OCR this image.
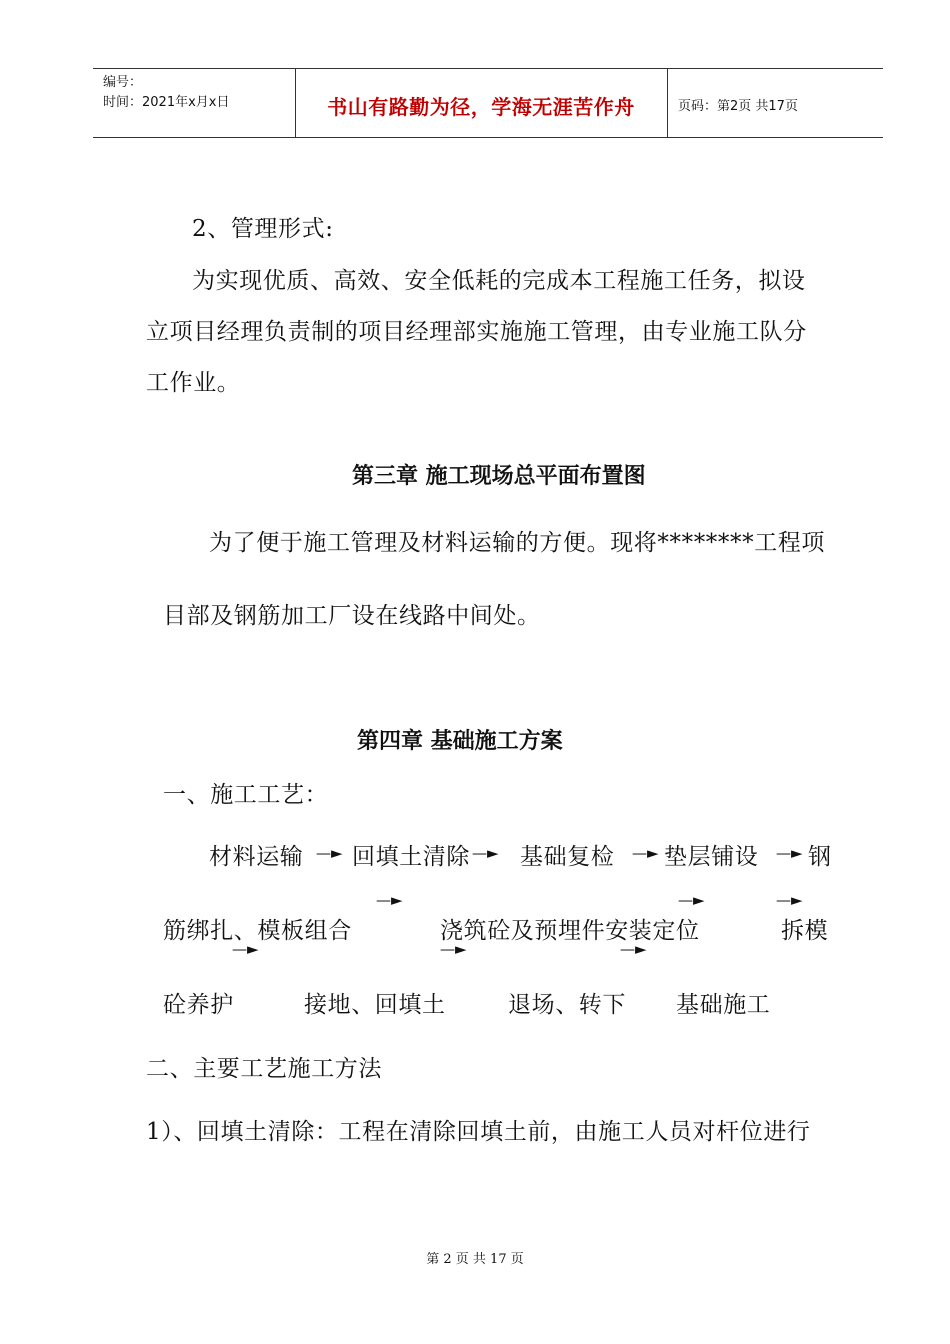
编号：
时间：2021年x月x日	书山有路勤为径，学海无涯苦作舟	页码：第2页 共17页
2、管理形式:
为实现优质、高效、安全低耗的完成本工程施工任务，拟设
立项目经理负责制的项目经理部实施施工管理，由专业施工队分
工作业。
第三章 施工现场总平面布置图
为了便于施工管理及材料运输的方便。现将********工程项
目部及钢筋加工厂设在线路中间处。
第四章 基础施工方案
一、施工工艺：
材料运输 —► 回填土清除 —► 基础复检 —► 垫层铺设 —► 钢
—►	—►	—►
筋绑扎、模板组合	浇筑砼及预埋件安装定位	拆模
—►	—►	—►
砼养护	接地、回填土	退场、转下 基础施工
二、主要工艺施工方法
1）、回填土清除：工程在清除回填土前，由施工人员对杆位进行
第 2 页 共 17 页
